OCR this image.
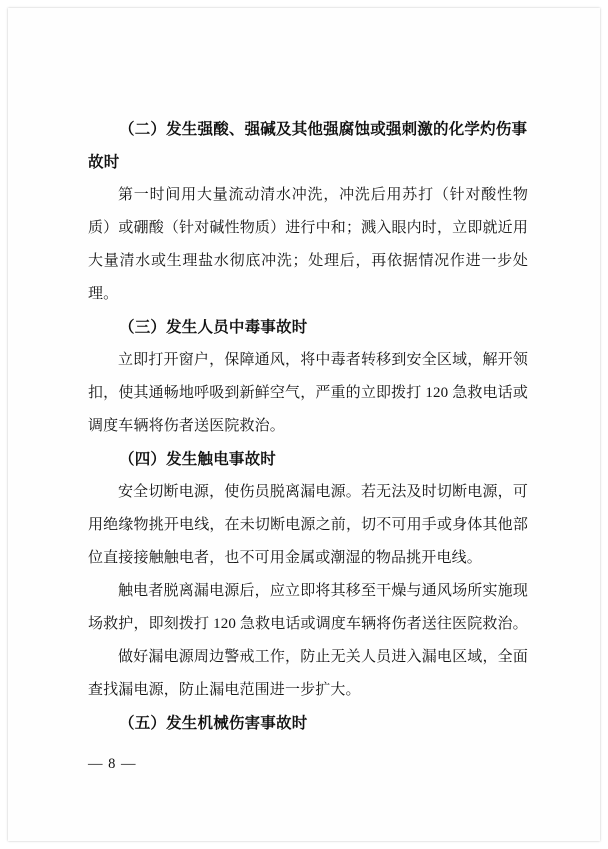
（二）发生强酸、强碱及其他强腐蚀或强刺激的化学灼伤事故时

第一时间用大量流动清水冲洗，冲洗后用苏打（针对酸性物质）或硼酸（针对碱性物质）进行中和；溅入眼内时，立即就近用大量清水或生理盐水彻底冲洗；处理后，再依据情况作进一步处理。

（三）发生人员中毒事故时

立即打开窗户，保障通风，将中毒者转移到安全区域，解开领扣，使其通畅地呼吸到新鲜空气，严重的立即拨打 120 急救电话或调度车辆将伤者送医院救治。

（四）发生触电事故时

安全切断电源，使伤员脱离漏电源。若无法及时切断电源，可用绝缘物挑开电线，在未切断电源之前，切不可用手或身体其他部位直接接触触电者，也不可用金属或潮湿的物品挑开电线。

触电者脱离漏电源后，应立即将其移至干燥与通风场所实施现场救护，即刻拨打 120 急救电话或调度车辆将伤者送往医院救治。

做好漏电源周边警戒工作，防止无关人员进入漏电区域，全面查找漏电源，防止漏电范围进一步扩大。

（五）发生机械伤害事故时

— 8 —
